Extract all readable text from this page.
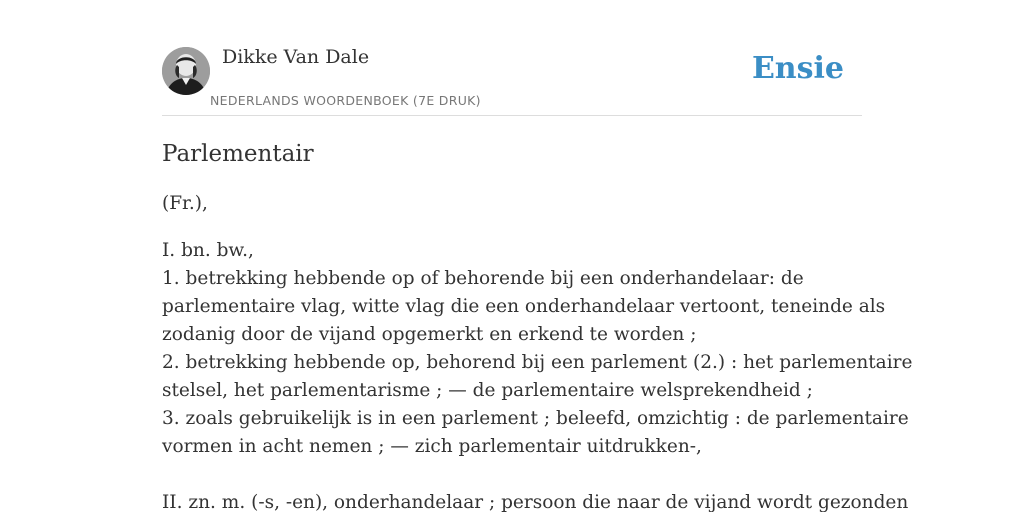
Dikke Van Dale
NEDERLANDS WOORDENBOEK (7E DRUK)
Ensie
Parlementair
(Fr.),
I. bn. bw.,
1. betrekking hebbende op of behorende bij een onderhandelaar: de
parlementaire vlag, witte vlag die een onderhandelaar vertoont, teneinde als
zodanig door de vijand opgemerkt en erkend te worden ;
2. betrekking hebbende op, behorend bij een parlement (2.) : het parlementaire
stelsel, het parlementarisme ; — de parlementaire welsprekendheid ;
3. zoals gebruikelijk is in een parlement ; beleefd, omzichtig : de parlementaire
vormen in acht nemen ; — zich parlementair uitdrukken-,
II. zn. m. (-s, -en), onderhandelaar ; persoon die naar de vijand wordt gezonden
